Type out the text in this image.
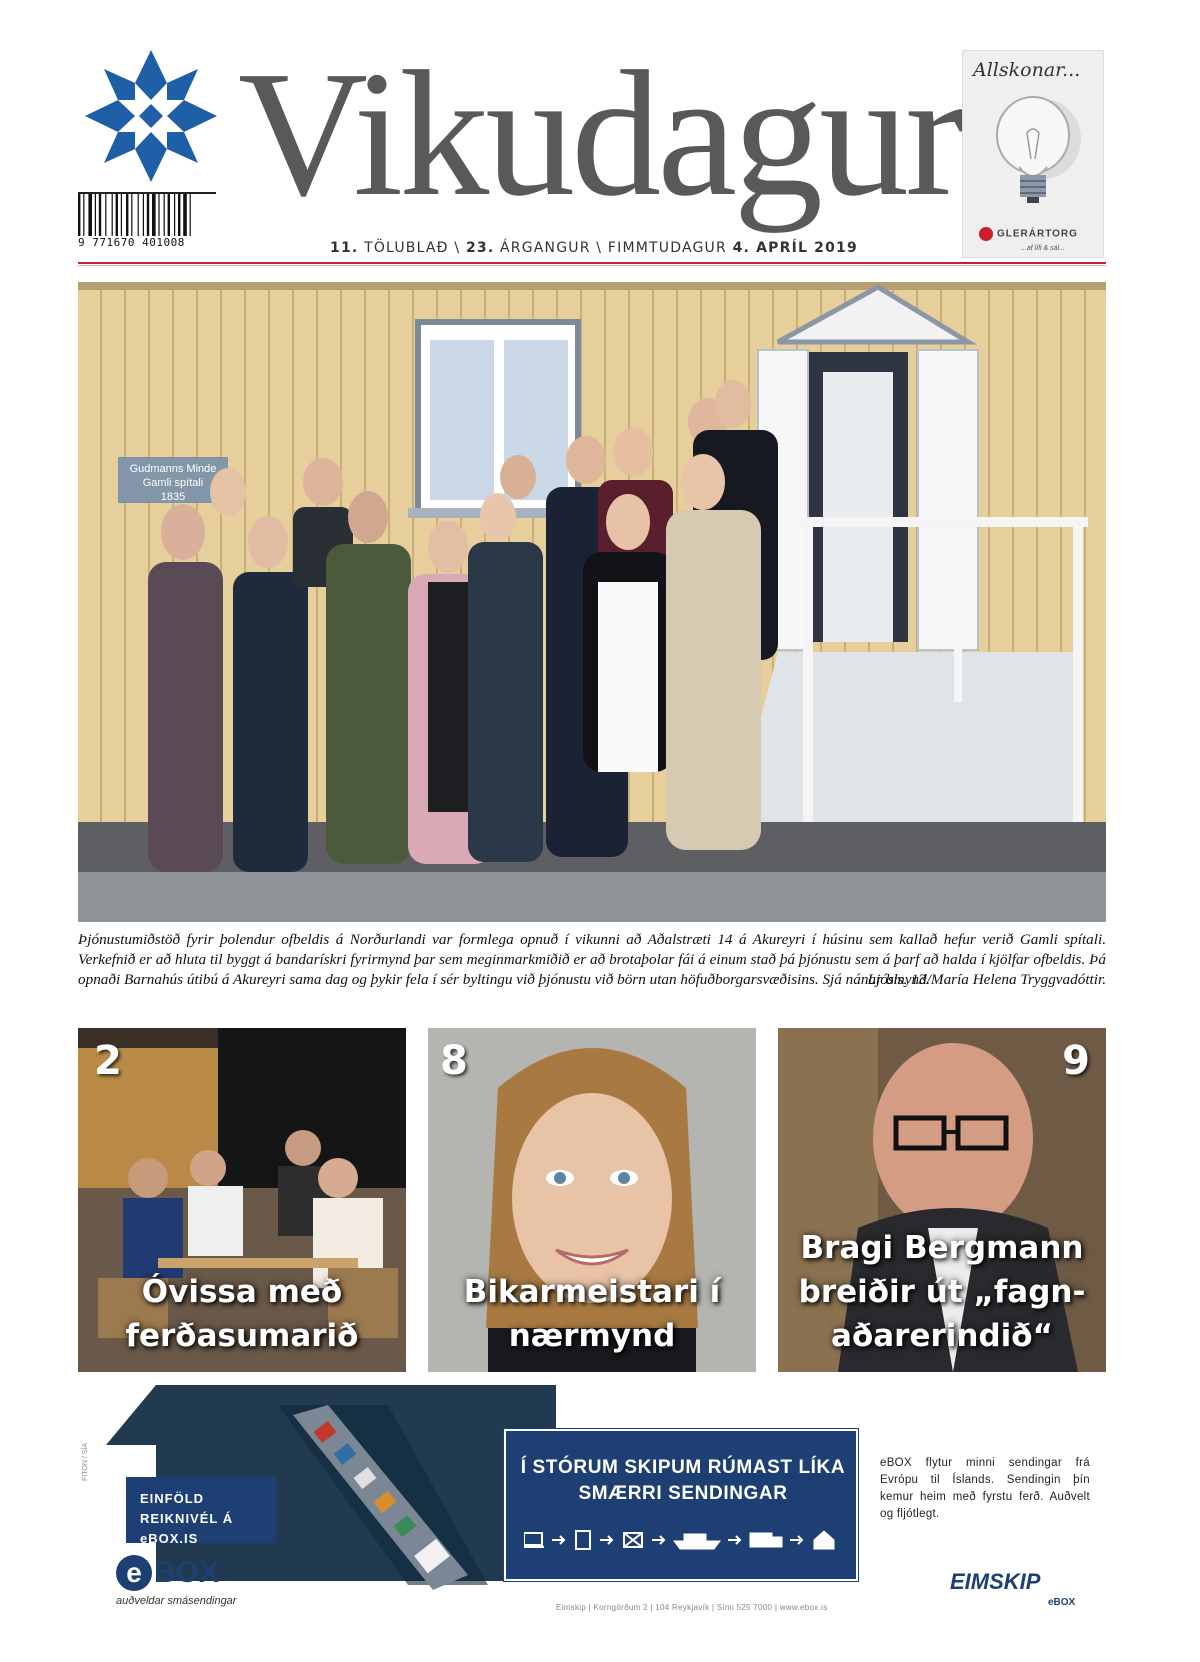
9 771670 401008
Vikudagur
11. TÖLUBLAÐ \ 23. ÁRGANGUR \ FIMMTUDAGUR 4. APRÍL 2019
Allskonar...
GLERÁRTORG
...af lífi & sál...
Gudmanns Minde
Gamli spítali
1835
Þjónustumiðstöð fyrir þolendur ofbeldis á Norðurlandi var formlega opnuð í vikunni að Aðalstræti 14 á Akureyri í húsinu sem kallað hefur verið Gamli spítali. Verkefnið er að hluta til byggt á bandarískri fyrirmynd þar sem meginmarkmiðið er að brotaþolar fái á einum stað þá þjónustu sem á þarf að halda í kjölfar ofbeldis. Þá opnaði Barnahús útibú á Akureyri sama dag og þykir fela í sér byltingu við þjónustu við börn utan höfuðborgarsvæðisins. Sjá nánar bls. 13.

Ljósmynd/María Helena Tryggvadóttir.
2
Óvissa með
ferðasumarið
8
Bikarmeistari í
nærmynd
9
Bragi Bergmann
breiðir út „fagn-
aðarerindið“
FITON / SÍA
EINFÖLD REIKNIVÉL Á eBOX.IS
e BOX
auðveldar smásendingar
Í STÓRUM SKIPUM RÚMAST LÍKA SMÆRRI SENDINGAR
eBOX flytur minni sendingar frá Evrópu til Íslands. Sendingin þín kemur heim með fyrstu ferð. Auðvelt og fljótlegt.
EIMSKIP
eBOX
Eimskip | Korngörðum 2 | 104 Reykjavík | Sími 525 7000 | www.ebox.is
